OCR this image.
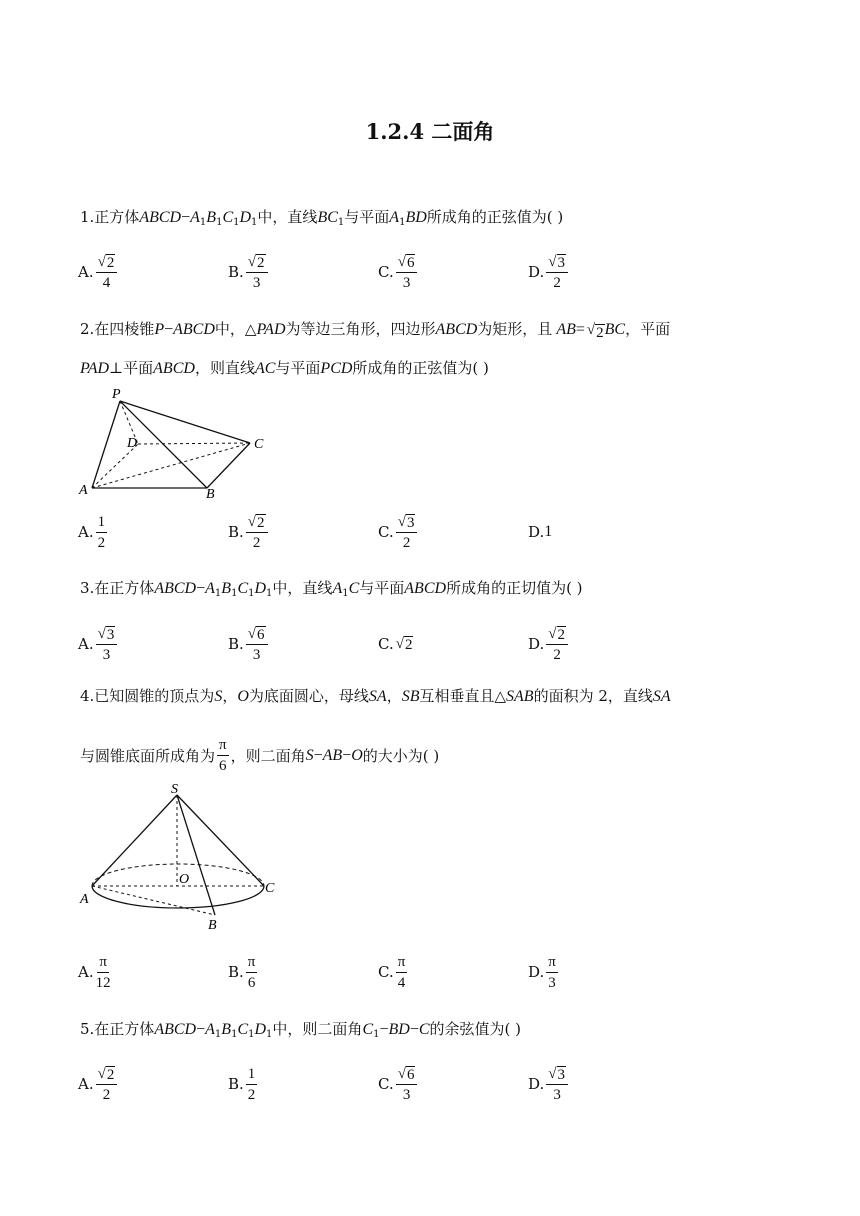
1.2.4 二面角
1.正方体$ABCD-A_1B_1C_1D_1$中，直线$BC_1$与平面$A_1BD$所成角的正弦值为( )
A. $\frac{√ 2}{4}$	B. $\frac{√ 2}{3}$	C. $\frac{√ 6}{3}$	D. $\frac{√ 3}{2}$
2.在四棱锥P−ABCD中，△PAD为等边三角形，四边形ABCD为矩形，且 AB= √ 2 BC，平面
PAD⊥平面ABCD，则直线AC与平面PCD所成角的正弦值为( )
P
D	C
A	B
A. $\frac{1}{2}$	B. $\frac{√ 2}{2}$	C. $\frac{√ 3}{2}$	D. 1
3.在正方体$ABCD-A_1B_1C_1D_1$中，直线$A_1C$与平面ABCD所成角的正切值为( )
A. $\frac{√ 3}{3}$	B. $\frac{√ 6}{3}$	C. √ 2	D. $\frac{√ 2}{2}$
4.已知圆锥的顶点为S，O为底面圆心，母线SA，SB互相垂直且△SAB的面积为 2，直线SA
与圆锥底面所成角为 $\frac{\pi}{6}$ ，则二面角 S − AB − O 的大小为( )
S
A
O
C
B
A. $\frac{\pi}{12}$	B. $\frac{\pi}{6}$	C. $\frac{\pi}{4}$	D. $\frac{\pi}{3}$
5.在正方体$ABCD-A_1B_1C_1D_1$中，则二面角$C_1-BD-C$的余弦值为( )
A. $\frac{√ 2}{2}$	B. $\frac{1}{2}$	C. $\frac{√ 6}{3}$	D. $\frac{√ 3}{3}$
